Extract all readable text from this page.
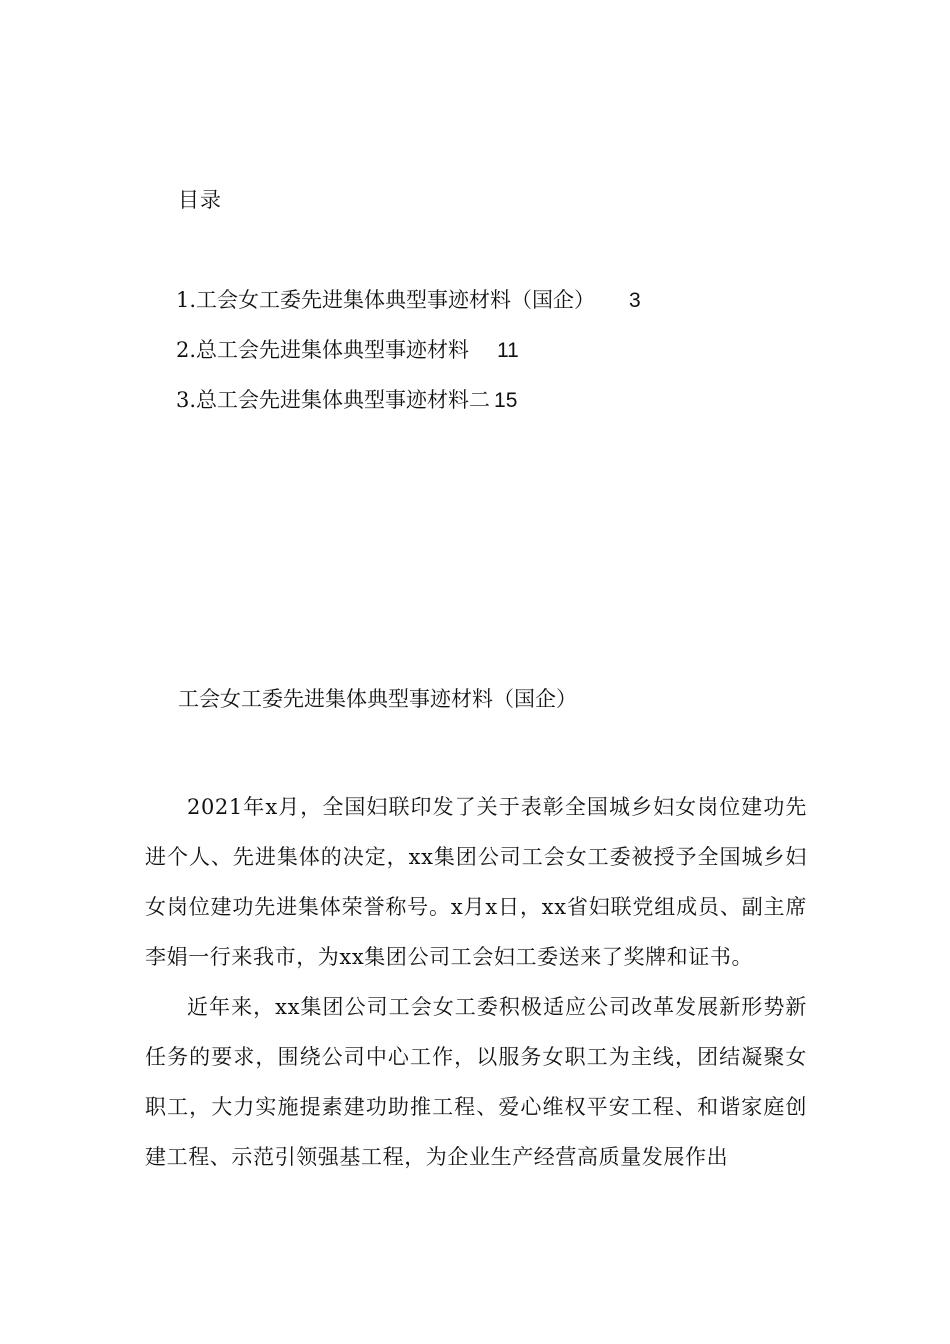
目录
1.工会女工委先进集体典型事迹材料（国企） 3
2.总工会先进集体典型事迹材料 11
3.总工会先进集体典型事迹材料二 15
工会女工委先进集体典型事迹材料（国企）

2021年x月，全国妇联印发了关于表彰全国城乡妇女岗位建功先进个人、先进集体的决定，xx集团公司工会女工委被授予全国城乡妇女岗位建功先进集体荣誉称号。x月x日，xx省妇联党组成员、副主席李娟一行来我市，为xx集团公司工会妇工委送来了奖牌和证书。

近年来，xx集团公司工会女工委积极适应公司改革发展新形势新任务的要求，围绕公司中心工作，以服务女职工为主线，团结凝聚女职工，大力实施提素建功助推工程、爱心维权平安工程、和谐家庭创建工程、示范引领强基工程，为企业生产经营高质量发展作出
